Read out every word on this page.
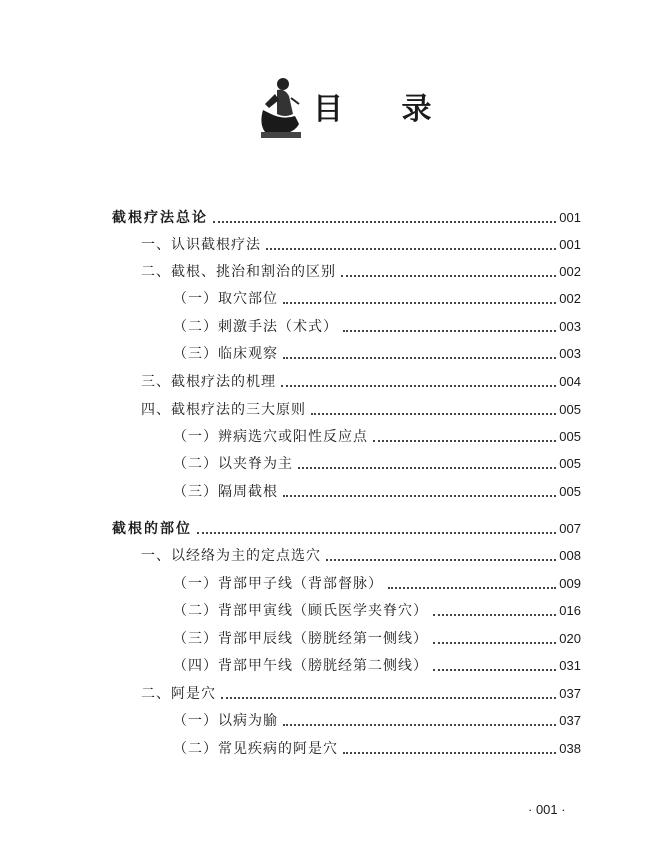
目 录
截根疗法总论	001
一、认识截根疗法	001
二、截根、挑治和割治的区别	002
（一）取穴部位	002
（二）刺激手法（术式）	003
（三）临床观察	003
三、截根疗法的机理	004
四、截根疗法的三大原则	005
（一）辨病选穴或阳性反应点	005
（二）以夹脊为主	005
（三）隔周截根	005
截根的部位	007
一、以经络为主的定点选穴	008
（一）背部甲子线（背部督脉）	009
（二）背部甲寅线（顾氏医学夹脊穴）	016
（三）背部甲辰线（膀胱经第一侧线）	020
（四）背部甲午线（膀胱经第二侧线）	031
二、阿是穴	037
（一）以病为腧	037
（二）常见疾病的阿是穴	038
· 001 ·
